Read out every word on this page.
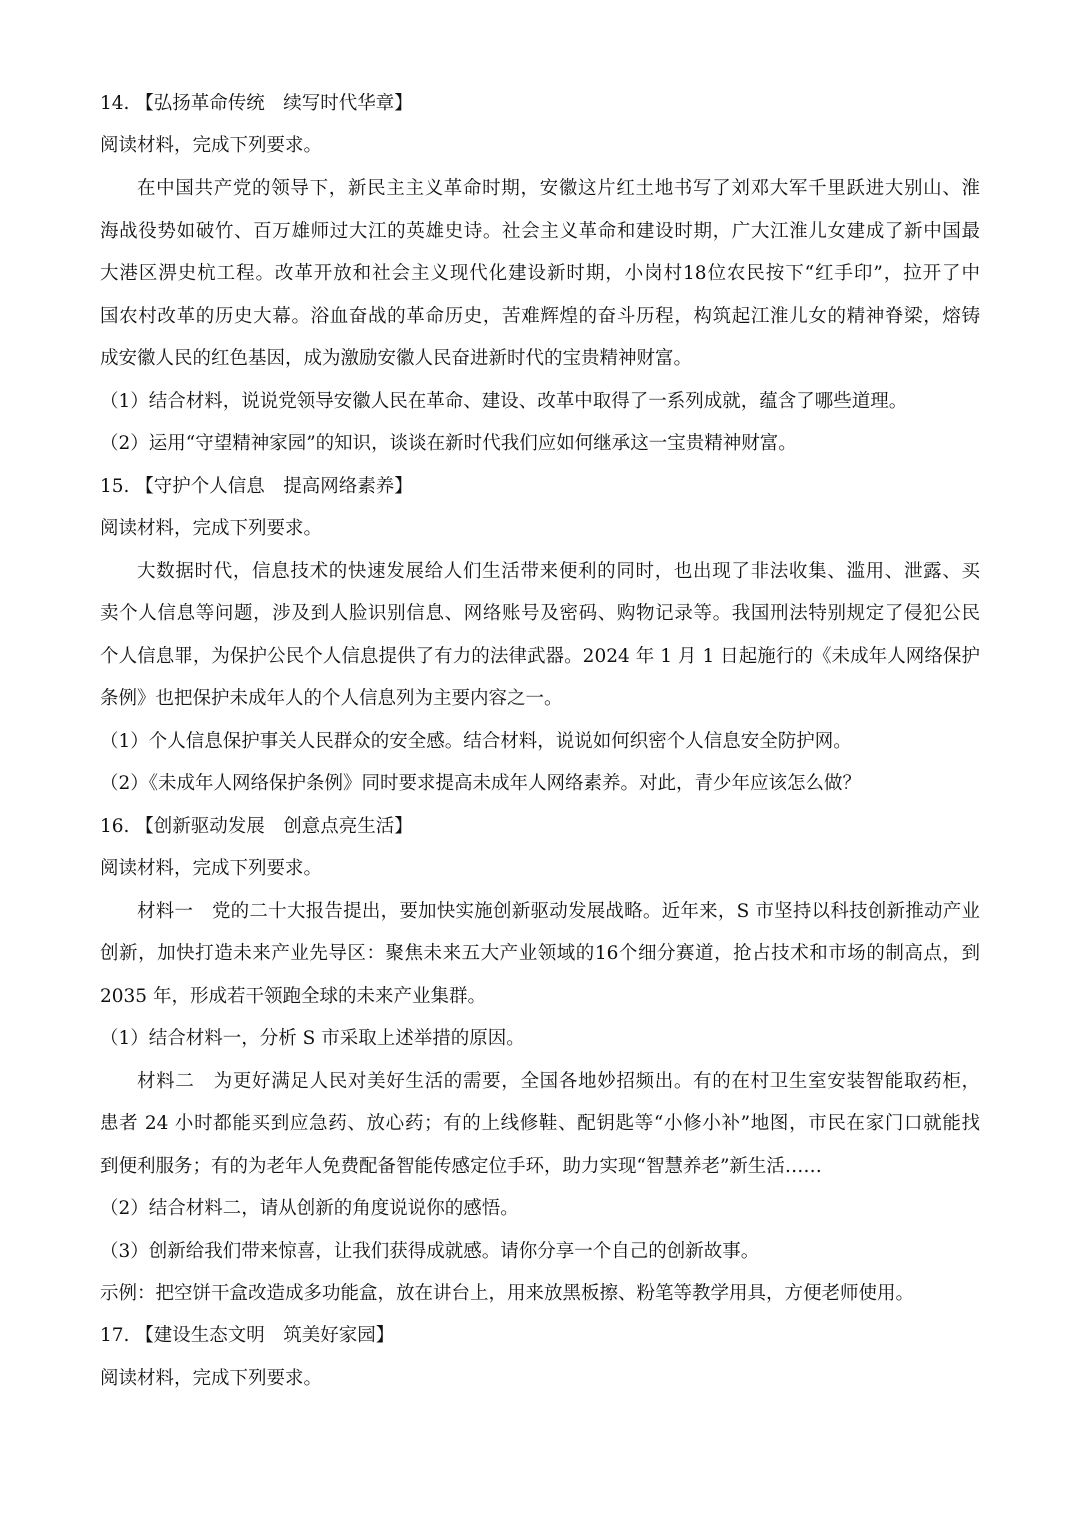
14. 【弘扬革命传统　续写时代华章】
阅读材料，完成下列要求。
在中国共产党的领导下，新民主主义革命时期，安徽这片红土地书写了刘邓大军千里跃进大别山、淮
海战役势如破竹、百万雄师过大江的英雄史诗。社会主义革命和建设时期，广大江淮儿女建成了新中国最
大港区淠史杭工程。改革开放和社会主义现代化建设新时期，小岗村18位农民按下“红手印”，拉开了中
国农村改革的历史大幕。浴血奋战的革命历史，苦难辉煌的奋斗历程，构筑起江淮儿女的精神脊梁，熔铸
成安徽人民的红色基因，成为激励安徽人民奋进新时代的宝贵精神财富。
（1）结合材料，说说党领导安徽人民在革命、建设、改革中取得了一系列成就，蕴含了哪些道理。
（2）运用“守望精神家园”的知识，谈谈在新时代我们应如何继承这一宝贵精神财富。
15. 【守护个人信息　提高网络素养】
阅读材料，完成下列要求。
大数据时代，信息技术的快速发展给人们生活带来便利的同时，也出现了非法收集、滥用、泄露、买
卖个人信息等问题，涉及到人脸识别信息、网络账号及密码、购物记录等。我国刑法特别规定了侵犯公民
个人信息罪，为保护公民个人信息提供了有力的法律武器。2024 年 1 月 1 日起施行的《未成年人网络保护
条例》也把保护未成年人的个人信息列为主要内容之一。
（1）个人信息保护事关人民群众的安全感。结合材料，说说如何织密个人信息安全防护网。
（2）《未成年人网络保护条例》同时要求提高未成年人网络素养。对此，青少年应该怎么做？
16. 【创新驱动发展　创意点亮生活】
阅读材料，完成下列要求。
材料一　党的二十大报告提出，要加快实施创新驱动发展战略。近年来，S 市坚持以科技创新推动产业
创新，加快打造未来产业先导区：聚焦未来五大产业领域的16个细分赛道，抢占技术和市场的制高点，到
2035 年，形成若干领跑全球的未来产业集群。
（1）结合材料一，分析 S 市采取上述举措的原因。
材料二　为更好满足人民对美好生活的需要，全国各地妙招频出。有的在村卫生室安装智能取药柜，
患者 24 小时都能买到应急药、放心药；有的上线修鞋、配钥匙等“小修小补”地图，市民在家门口就能找
到便利服务；有的为老年人免费配备智能传感定位手环，助力实现“智慧养老”新生活……
（2）结合材料二，请从创新的角度说说你的感悟。
（3）创新给我们带来惊喜，让我们获得成就感。请你分享一个自己的创新故事。
示例：把空饼干盒改造成多功能盒，放在讲台上，用来放黑板擦、粉笔等教学用具，方便老师使用。
17. 【建设生态文明　筑美好家园】
阅读材料，完成下列要求。
